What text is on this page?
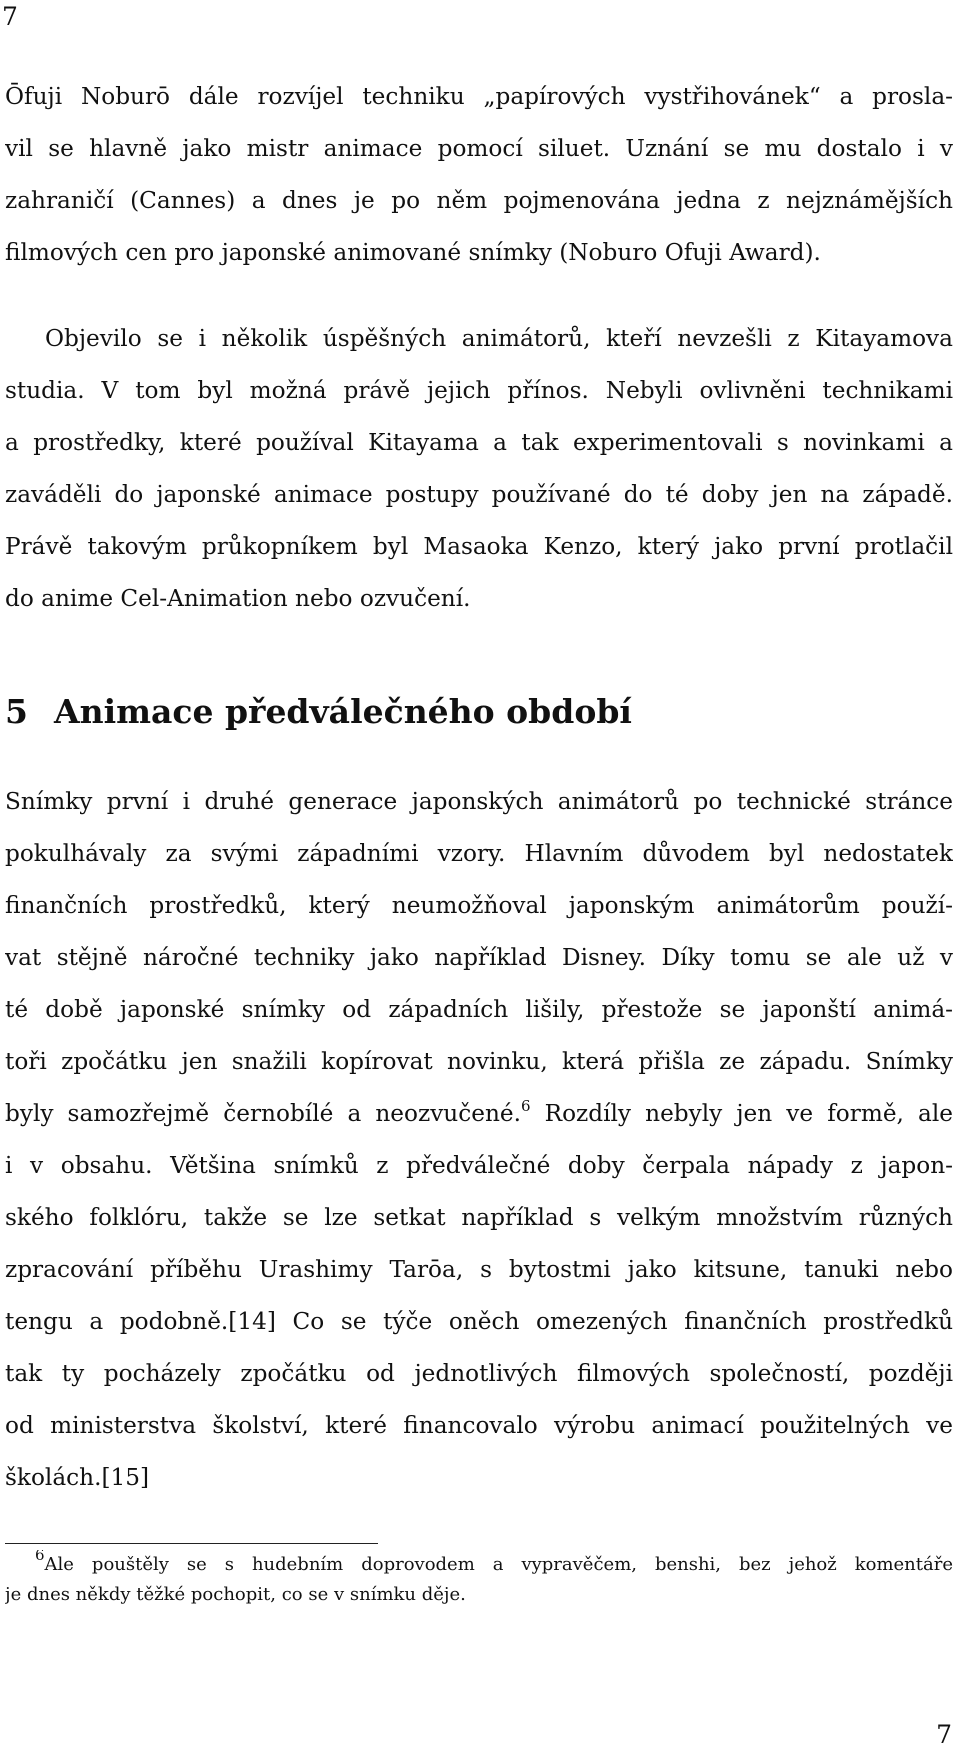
7

Ōfuji Noburō dále rozvíjel techniku „papírových vystřihovánek“ a prosla-
vil se hlavně jako mistr animace pomocí siluet. Uznání se mu dostalo i v
zahraničí (Cannes) a dnes je po něm pojmenována jedna z nejznámějších
filmových cen pro japonské animované snímky (Noburo Ofuji Award).

Objevilo se i několik úspěšných animátorů, kteří nevzešli z Kitayamova
studia. V tom byl možná právě jejich přínos. Nebyli ovlivněni technikami
a prostředky, které používal Kitayama a tak experimentovali s novinkami a
zaváděli do japonské animace postupy používané do té doby jen na západě.
Právě takovým průkopníkem byl Masaoka Kenzo, který jako první protlačil
do anime Cel-Animation nebo ozvučení.

5 Animace předválečného období

Snímky první i druhé generace japonských animátorů po technické stránce
pokulhávaly za svými západními vzory. Hlavním důvodem byl nedostatek
finančních prostředků, který neumožňoval japonským animátorům použí-
vat stějně náročné techniky jako například Disney. Díky tomu se ale už v
té době japonské snímky od západních lišily, přestože se japonští animá-
toři zpočátku jen snažili kopírovat novinku, která přišla ze západu. Snímky
byly samozřejmě černobílé a neozvučené.$^6$ Rozdíly nebyly jen ve formě, ale
i v obsahu. Většina snímků z předválečné doby čerpala nápady z japon-
ského folklóru, takže se lze setkat například s velkým množstvím různých
zpracování příběhu Urashimy Tarōa, s bytostmi jako kitsune, tanuki nebo
tengu a podobně.[14] Co se týče oněch omezených finančních prostředků
tak ty pocházely zpočátku od jednotlivých filmových společností, později
od ministerstva školství, které financovalo výrobu animací použitelných ve
školách.[15]

$^6$Ale pouštěly se s hudebním doprovodem a vypravěčem, benshi, bez jehož komentáře
je dnes někdy těžké pochopit, co se v snímku děje.

7
